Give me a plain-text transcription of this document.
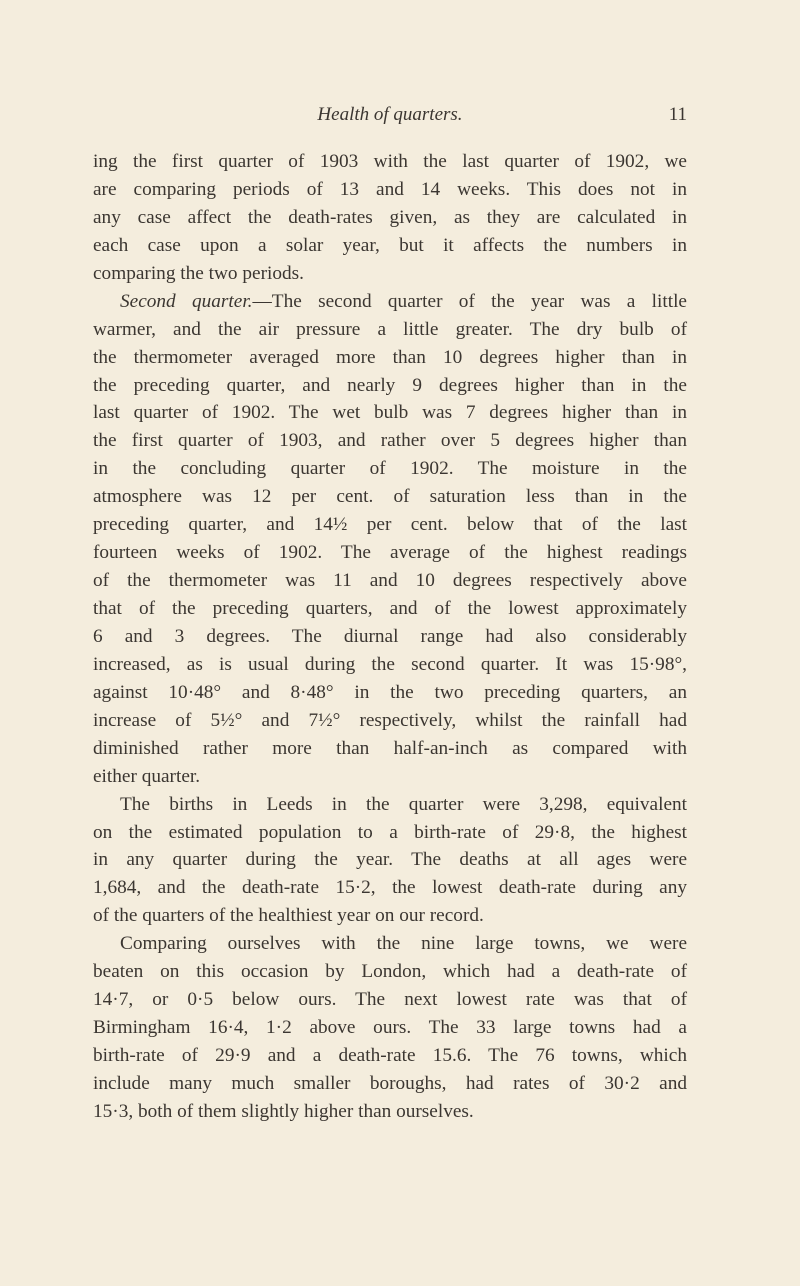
Health of quarters.	11
ing the first quarter of 1903 with the last quarter of 1902, we
are comparing periods of 13 and 14 weeks. This does not in
any case affect the death-rates given, as they are calculated in
each case upon a solar year, but it affects the numbers in
comparing the two periods.
Second quarter.—The second quarter of the year was a little
warmer, and the air pressure a little greater. The dry bulb of
the thermometer averaged more than 10 degrees higher than in
the preceding quarter, and nearly 9 degrees higher than in the
last quarter of 1902. The wet bulb was 7 degrees higher than in
the first quarter of 1903, and rather over 5 degrees higher than
in the concluding quarter of 1902. The moisture in the
atmosphere was 12 per cent. of saturation less than in the
preceding quarter, and 14½ per cent. below that of the last
fourteen weeks of 1902. The average of the highest readings
of the thermometer was 11 and 10 degrees respectively above
that of the preceding quarters, and of the lowest approximately
6 and 3 degrees. The diurnal range had also considerably
increased, as is usual during the second quarter. It was 15·98°,
against 10·48° and 8·48° in the two preceding quarters, an
increase of 5½° and 7½° respectively, whilst the rainfall had
diminished rather more than half-an-inch as compared with
either quarter.
The births in Leeds in the quarter were 3,298, equivalent
on the estimated population to a birth-rate of 29·8, the highest
in any quarter during the year. The deaths at all ages were
1,684, and the death-rate 15·2, the lowest death-rate during any
of the quarters of the healthiest year on our record.
Comparing ourselves with the nine large towns, we were
beaten on this occasion by London, which had a death-rate of
14·7, or 0·5 below ours. The next lowest rate was that of
Birmingham 16·4, 1·2 above ours. The 33 large towns had a
birth-rate of 29·9 and a death-rate 15.6. The 76 towns, which
include many much smaller boroughs, had rates of 30·2 and
15·3, both of them slightly higher than ourselves.
